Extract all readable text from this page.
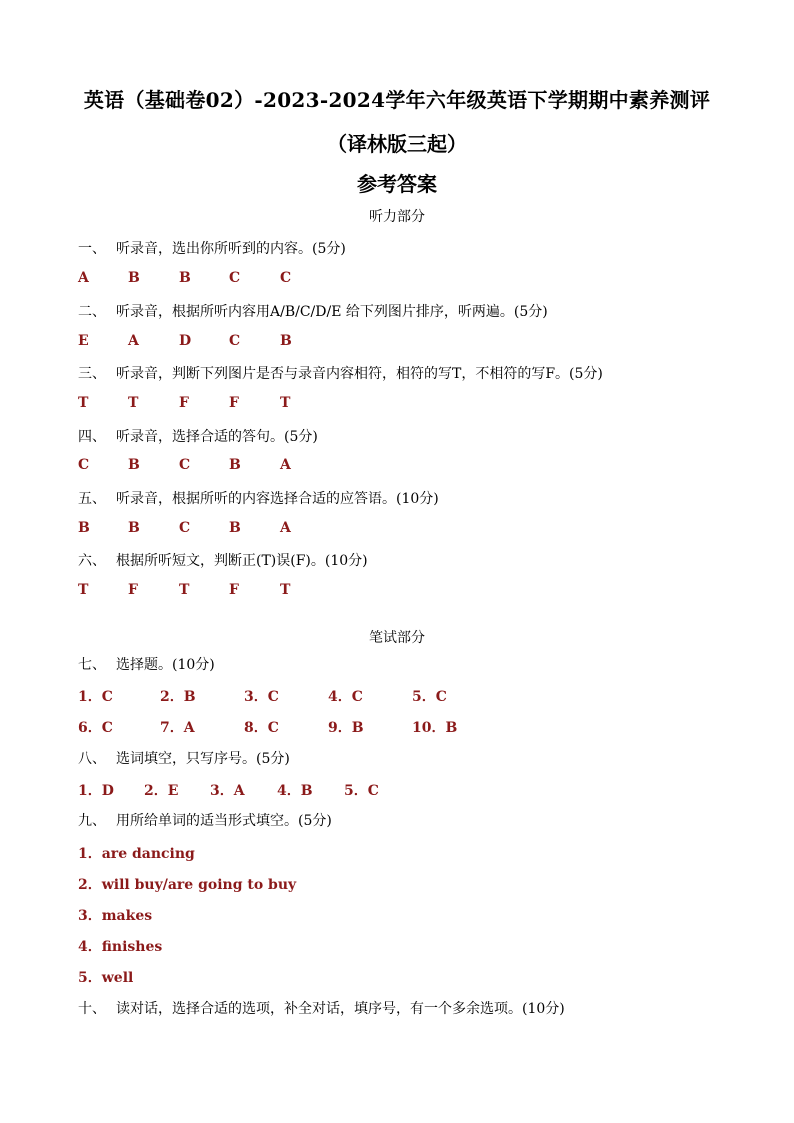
英语（基础卷02）-2023-2024学年六年级英语下学期期中素养测评
（译林版三起）
参考答案
听力部分
一、 听录音，选出你所听到的内容。(5分)
A	B	B	C	C
二、 听录音，根据所听内容用A/B/C/D/E 给下列图片排序，听两遍。(5分)
E	A	D	C	B
三、 听录音，判断下列图片是否与录音内容相符，相符的写T，不相符的写F。(5分)
T	T	F	F	T
四、 听录音，选择合适的答句。(5分)
C	B	C	B	A
五、 听录音，根据所听的内容选择合适的应答语。(10分)
B	B	C	B	A
六、 根据所听短文，判断正(T)误(F)。(10分)
T	F	T	F	T
笔试部分
七、 选择题。(10分)
1．C	2．B	3．C	4．C	5．C
6．C	7．A	8．C	9．B	10．B
八、 选词填空，只写序号。(5分)
1．D 2．E 3．A 4．B 5．C
九、 用所给单词的适当形式填空。(5分)
1．are dancing
2．will buy/are going to buy
3．makes
4．finishes
5．well
十、 读对话，选择合适的选项，补全对话，填序号，有一个多余选项。(10分)
